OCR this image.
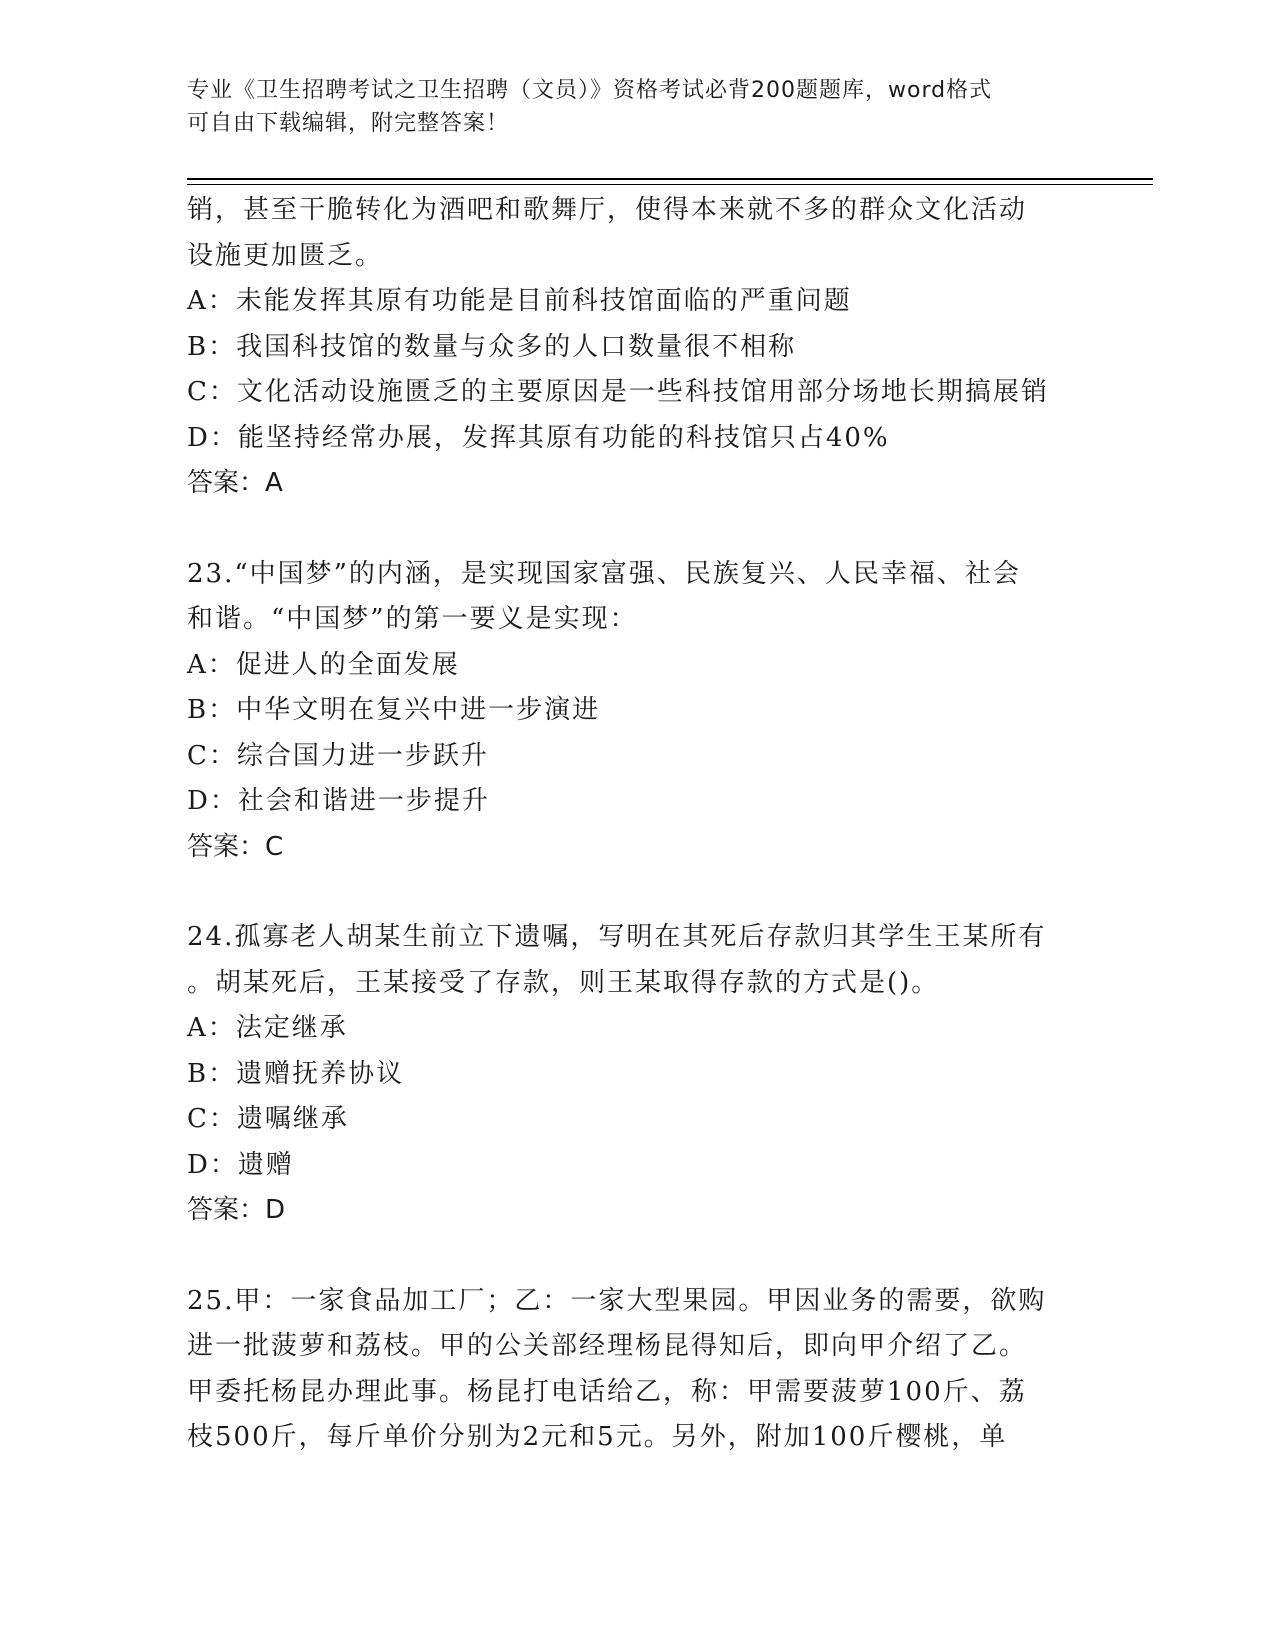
专业《卫生招聘考试之卫生招聘（文员）》资格考试必背200题题库，word格式
可自由下载编辑，附完整答案！
销，甚至干脆转化为酒吧和歌舞厅，使得本来就不多的群众文化活动
设施更加匮乏。
A：未能发挥其原有功能是目前科技馆面临的严重问题
B：我国科技馆的数量与众多的人口数量很不相称
C：文化活动设施匮乏的主要原因是一些科技馆用部分场地长期搞展销
D：能坚持经常办展，发挥其原有功能的科技馆只占40%
答案：A
23.“中国梦”的内涵，是实现国家富强、民族复兴、人民幸福、社会
和谐。“中国梦”的第一要义是实现：
A：促进人的全面发展
B：中华文明在复兴中进一步演进
C：综合国力进一步跃升
D：社会和谐进一步提升
答案：C
24.孤寡老人胡某生前立下遗嘱，写明在其死后存款归其学生王某所有
。胡某死后，王某接受了存款，则王某取得存款的方式是()。
A：法定继承
B：遗赠抚养协议
C：遗嘱继承
D：遗赠
答案：D
25.甲：一家食品加工厂；乙：一家大型果园。甲因业务的需要，欲购
进一批菠萝和荔枝。甲的公关部经理杨昆得知后，即向甲介绍了乙。
甲委托杨昆办理此事。杨昆打电话给乙，称：甲需要菠萝100斤、荔
枝500斤，每斤单价分别为2元和5元。另外，附加100斤樱桃，单
